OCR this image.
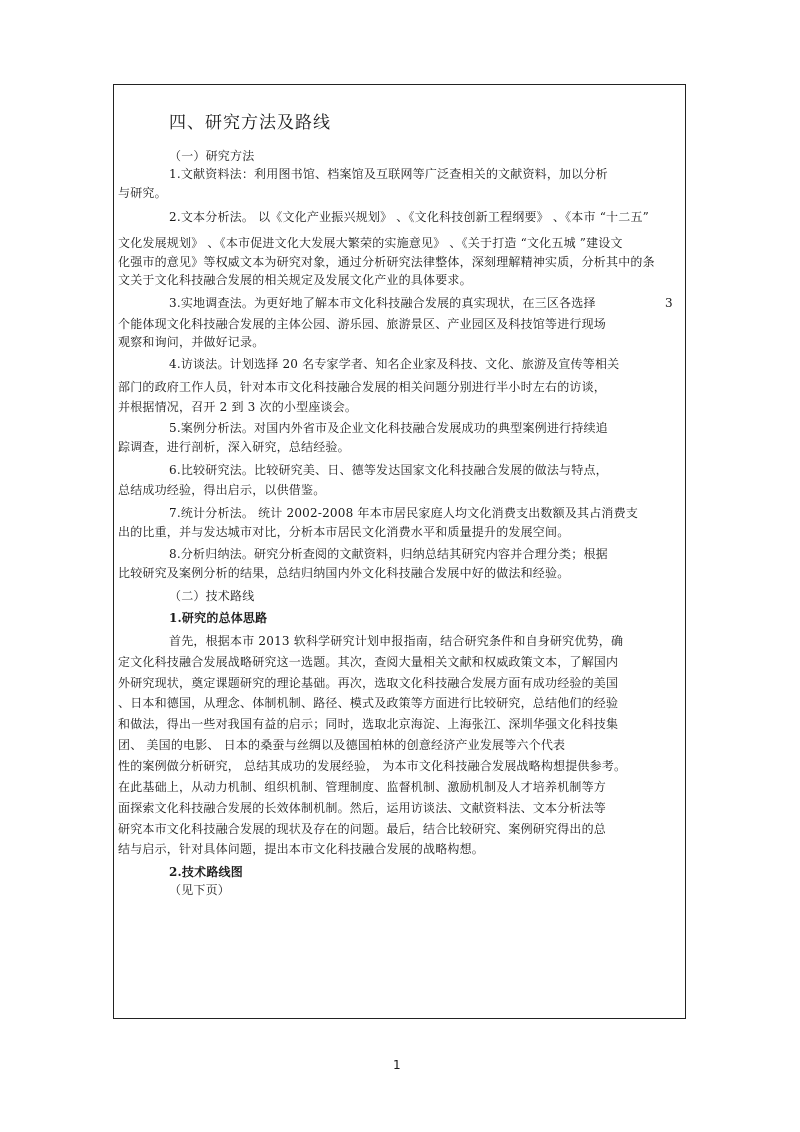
四、研究方法及路线
（一）研究方法
1.文献资料法：利用图书馆、档案馆及互联网等广泛查相关的文献资料，加以分析
与研究。
2.文本分析法。 以《文化产业振兴规划》 、《文化科技创新工程纲要》 、《本市 “十二五”
文化发展规划》 、《本市促进文化大发展大繁荣的实施意见》 、《关于打造 “文化五城 ”建设文
化强市的意见》等权威文本为研究对象，通过分析研究法律整体，深刻理解精神实质，分析其中的条
文关于文化科技融合发展的相关规定及发展文化产业的具体要求。
3.实地调查法。为更好地了解本市文化科技融合发展的真实现状，在三区各选择	3
个能体现文化科技融合发展的主体公园、游乐园、旅游景区、产业园区及科技馆等进行现场
观察和询问，并做好记录。
4.访谈法。计划选择 20 名专家学者、知名企业家及科技、文化、旅游及宣传等相关
部门的政府工作人员，针对本市文化科技融合发展的相关问题分别进行半小时左右的访谈，
并根据情况，召开 2 到 3 次的小型座谈会。
5.案例分析法。对国内外省市及企业文化科技融合发展成功的典型案例进行持续追
踪调查，进行剖析，深入研究，总结经验。
6.比较研究法。比较研究美、日、德等发达国家文化科技融合发展的做法与特点，
总结成功经验，得出启示，以供借鉴。
7.统计分析法。 统计 2002-2008 年本市居民家庭人均文化消费支出数额及其占消费支
出的比重，并与发达城市对比，分析本市居民文化消费水平和质量提升的发展空间。
8.分析归纳法。研究分析查阅的文献资料，归纳总结其研究内容并合理分类；根据
比较研究及案例分析的结果，总结归纳国内外文化科技融合发展中好的做法和经验。
（二）技术路线
1.研究的总体思路
首先，根据本市 2013 软科学研究计划申报指南，结合研究条件和自身研究优势，确
定文化科技融合发展战略研究这一选题。其次，查阅大量相关文献和权威政策文本，了解国内
外研究现状，奠定课题研究的理论基础。再次，选取文化科技融合发展方面有成功经验的美国
、日本和德国，从理念、体制机制、路径、模式及政策等方面进行比较研究，总结他们的经验
和做法，得出一些对我国有益的启示；同时，选取北京海淀、上海张江、深圳华强文化科技集
团、 美国的电影、 日本的桑蚕与丝绸以及德国柏林的创意经济产业发展等六个代表
性的案例做分析研究， 总结其成功的发展经验， 为本市文化科技融合发展战略构想提供参考。
在此基础上，从动力机制、组织机制、管理制度、监督机制、激励机制及人才培养机制等方
面探索文化科技融合发展的长效体制机制。然后，运用访谈法、文献资料法、文本分析法等
研究本市文化科技融合发展的现状及存在的问题。最后，结合比较研究、案例研究得出的总
结与启示，针对具体问题，提出本市文化科技融合发展的战略构想。
2.技术路线图
（见下页）
1
